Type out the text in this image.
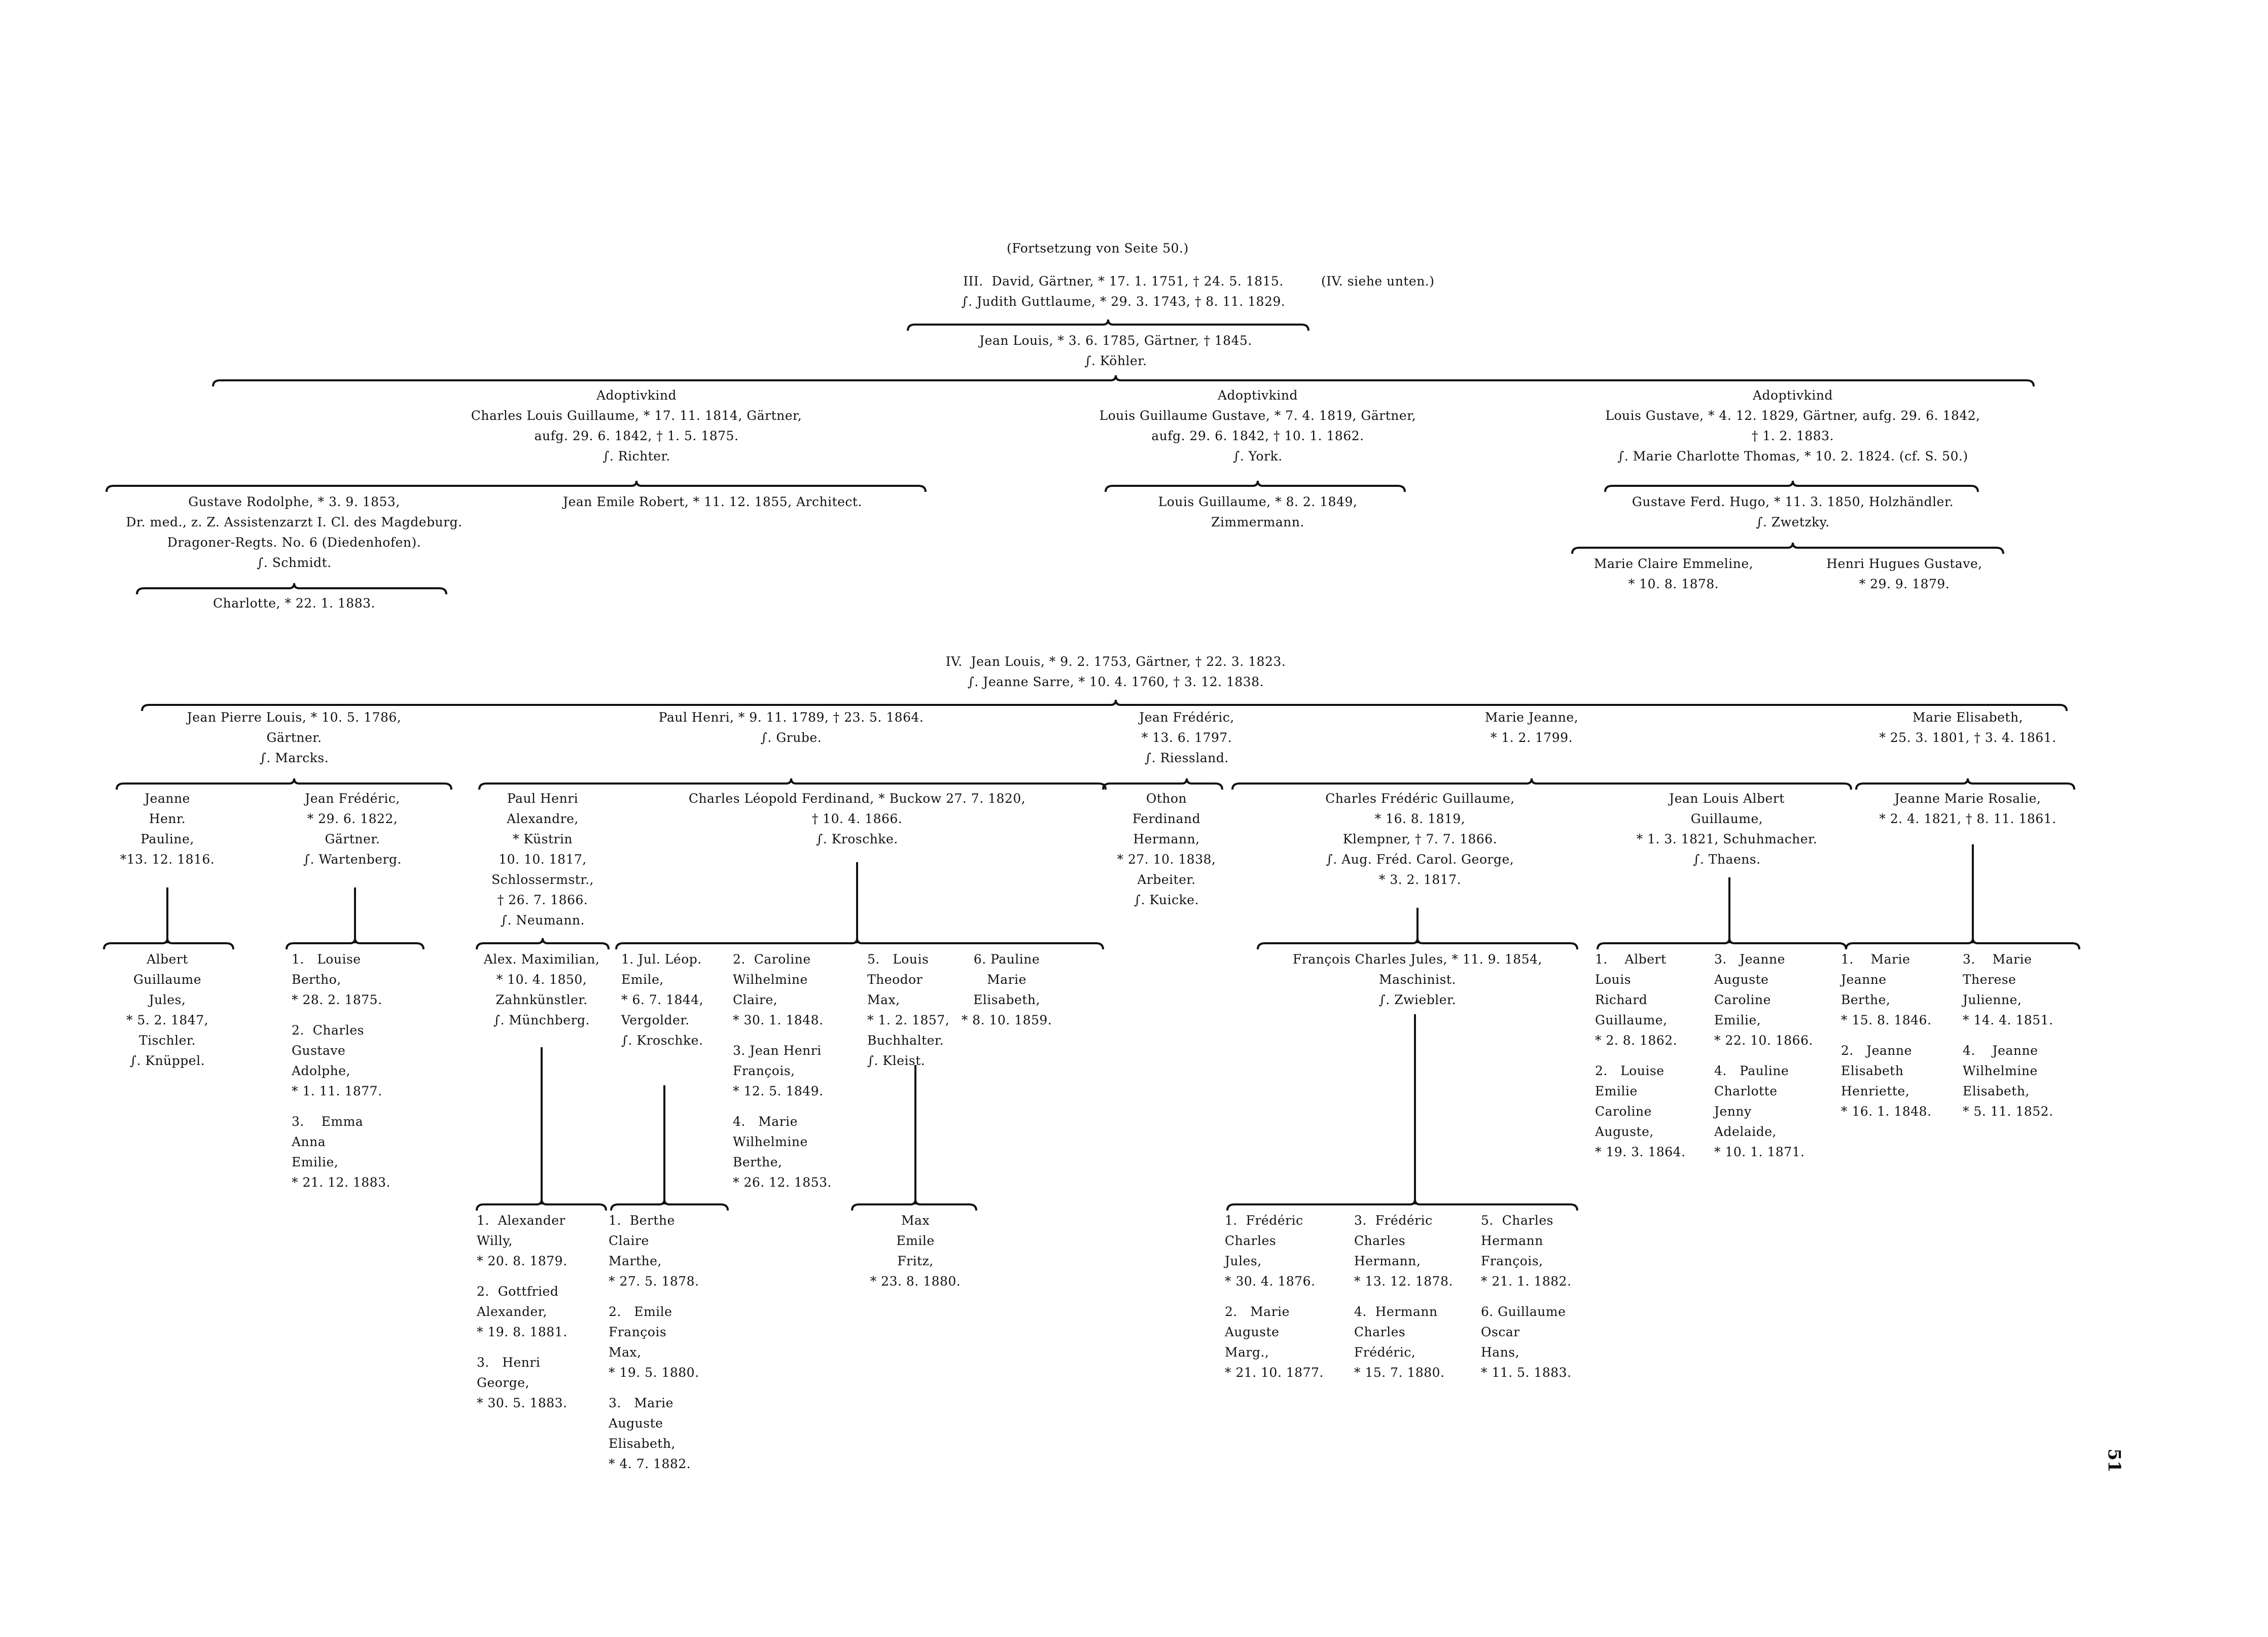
(Fortsetzung von Seite 50.)
III.  David, Gärtner, * 17. 1. 1751, † 24. 5. 1815.
∫. Judith Guttlaume, * 29. 3. 1743, † 8. 11. 1829.
(IV. siehe unten.)
Jean Louis, * 3. 6. 1785, Gärtner, † 1845.
∫. Köhler.
Adoptivkind
Charles Louis Guillaume, * 17. 11. 1814, Gärtner,
aufg. 29. 6. 1842, † 1. 5. 1875.
∫. Richter.
Adoptivkind
Louis Guillaume Gustave, * 7. 4. 1819, Gärtner,
aufg. 29. 6. 1842, † 10. 1. 1862.
∫. York.
Adoptivkind
Louis Gustave, * 4. 12. 1829, Gärtner, aufg. 29. 6. 1842,
† 1. 2. 1883.
∫. Marie Charlotte Thomas, * 10. 2. 1824. (cf. S. 50.)
Gustave Rodolphe, * 3. 9. 1853,
Dr. med., z. Z. Assistenzarzt I. Cl. des Magdeburg.
Dragoner-Regts. No. 6 (Diedenhofen).
∫. Schmidt.
Jean Emile Robert, * 11. 12. 1855, Architect.
Charlotte, * 22. 1. 1883.
Louis Guillaume, * 8. 2. 1849,
Zimmermann.
Gustave Ferd. Hugo, * 11. 3. 1850, Holzhändler.
∫. Zwetzky.
Marie Claire Emmeline,
* 10. 8. 1878.
Henri Hugues Gustave,
* 29. 9. 1879.
IV.  Jean Louis, * 9. 2. 1753, Gärtner, † 22. 3. 1823.
∫. Jeanne Sarre, * 10. 4. 1760, † 3. 12. 1838.
Jean Pierre Louis, * 10. 5. 1786,
Gärtner.
∫. Marcks.
Paul Henri, * 9. 11. 1789, † 23. 5. 1864.
∫. Grube.
Jean Frédéric,
* 13. 6. 1797.
∫. Riessland.
Marie Jeanne,
* 1. 2. 1799.
Marie Elisabeth,
* 25. 3. 1801, † 3. 4. 1861.
Jeanne
Henr.
Pauline,
*13. 12. 1816.
Jean Frédéric,
* 29. 6. 1822,
Gärtner.
∫. Wartenberg.
Albert
Guillaume
Jules,
* 5. 2. 1847,
Tischler.
∫. Knüppel.
1.   Louise
Bertho,
* 28. 2. 1875.
2.  Charles
Gustave
Adolphe,
* 1. 11. 1877.
3.    Emma
Anna
Emilie,
* 21. 12. 1883.
Paul Henri
Alexandre,
* Küstrin
10. 10. 1817,
Schlossermstr.,
† 26. 7. 1866.
∫. Neumann.
Charles Léopold Ferdinand, * Buckow 27. 7. 1820,
† 10. 4. 1866.
∫. Kroschke.
Alex. Maximilian,
* 10. 4. 1850,
Zahnkünstler.
∫. Münchberg.
1.  Alexander
Willy,
* 20. 8. 1879.
2.  Gottfried
Alexander,
* 19. 8. 1881.
3.   Henri
George,
* 30. 5. 1883.
1. Jul. Léop.
Emile,
* 6. 7. 1844,
Vergolder.
∫. Kroschke.
2.  Caroline
Wilhelmine
Claire,
* 30. 1. 1848.
3. Jean Henri
François,
* 12. 5. 1849.
4.   Marie
Wilhelmine
Berthe,
* 26. 12. 1853.
5.   Louis
Theodor
Max,
* 1. 2. 1857,
Buchhalter.
∫. Kleist.
6. Pauline
Marie
Elisabeth,
* 8. 10. 1859.
1.  Berthe
Claire
Marthe,
* 27. 5. 1878.
2.   Emile
François
Max,
* 19. 5. 1880.
3.   Marie
Auguste
Elisabeth,
* 4. 7. 1882.
Max
Emile
Fritz,
* 23. 8. 1880.
Othon
Ferdinand
Hermann,
* 27. 10. 1838,
Arbeiter.
∫. Kuicke.
Charles Frédéric Guillaume,
* 16. 8. 1819,
Klempner, † 7. 7. 1866.
∫. Aug. Fréd. Carol. George,
* 3. 2. 1817.
Jean Louis Albert
Guillaume,
* 1. 3. 1821, Schuhmacher.
∫. Thaens.
François Charles Jules, * 11. 9. 1854,
Maschinist.
∫. Zwiebler.
1.  Frédéric
Charles
Jules,
* 30. 4. 1876.
2.   Marie
Auguste
Marg.,
* 21. 10. 1877.
3.  Frédéric
Charles
Hermann,
* 13. 12. 1878.
4.  Hermann
Charles
Frédéric,
* 15. 7. 1880.
5.  Charles
Hermann
François,
* 21. 1. 1882.
6. Guillaume
Oscar
Hans,
* 11. 5. 1883.
1.    Albert
Louis
Richard
Guillaume,
* 2. 8. 1862.
2.   Louise
Emilie
Caroline
Auguste,
* 19. 3. 1864.
3.   Jeanne
Auguste
Caroline
Emilie,
* 22. 10. 1866.
4.   Pauline
Charlotte
Jenny
Adelaide,
* 10. 1. 1871.
Jeanne Marie Rosalie,
* 2. 4. 1821, † 8. 11. 1861.
1.    Marie
Jeanne
Berthe,
* 15. 8. 1846.
2.   Jeanne
Elisabeth
Henriette,
* 16. 1. 1848.
3.    Marie
Therese
Julienne,
* 14. 4. 1851.
4.    Jeanne
Wilhelmine
Elisabeth,
* 5. 11. 1852.
51
